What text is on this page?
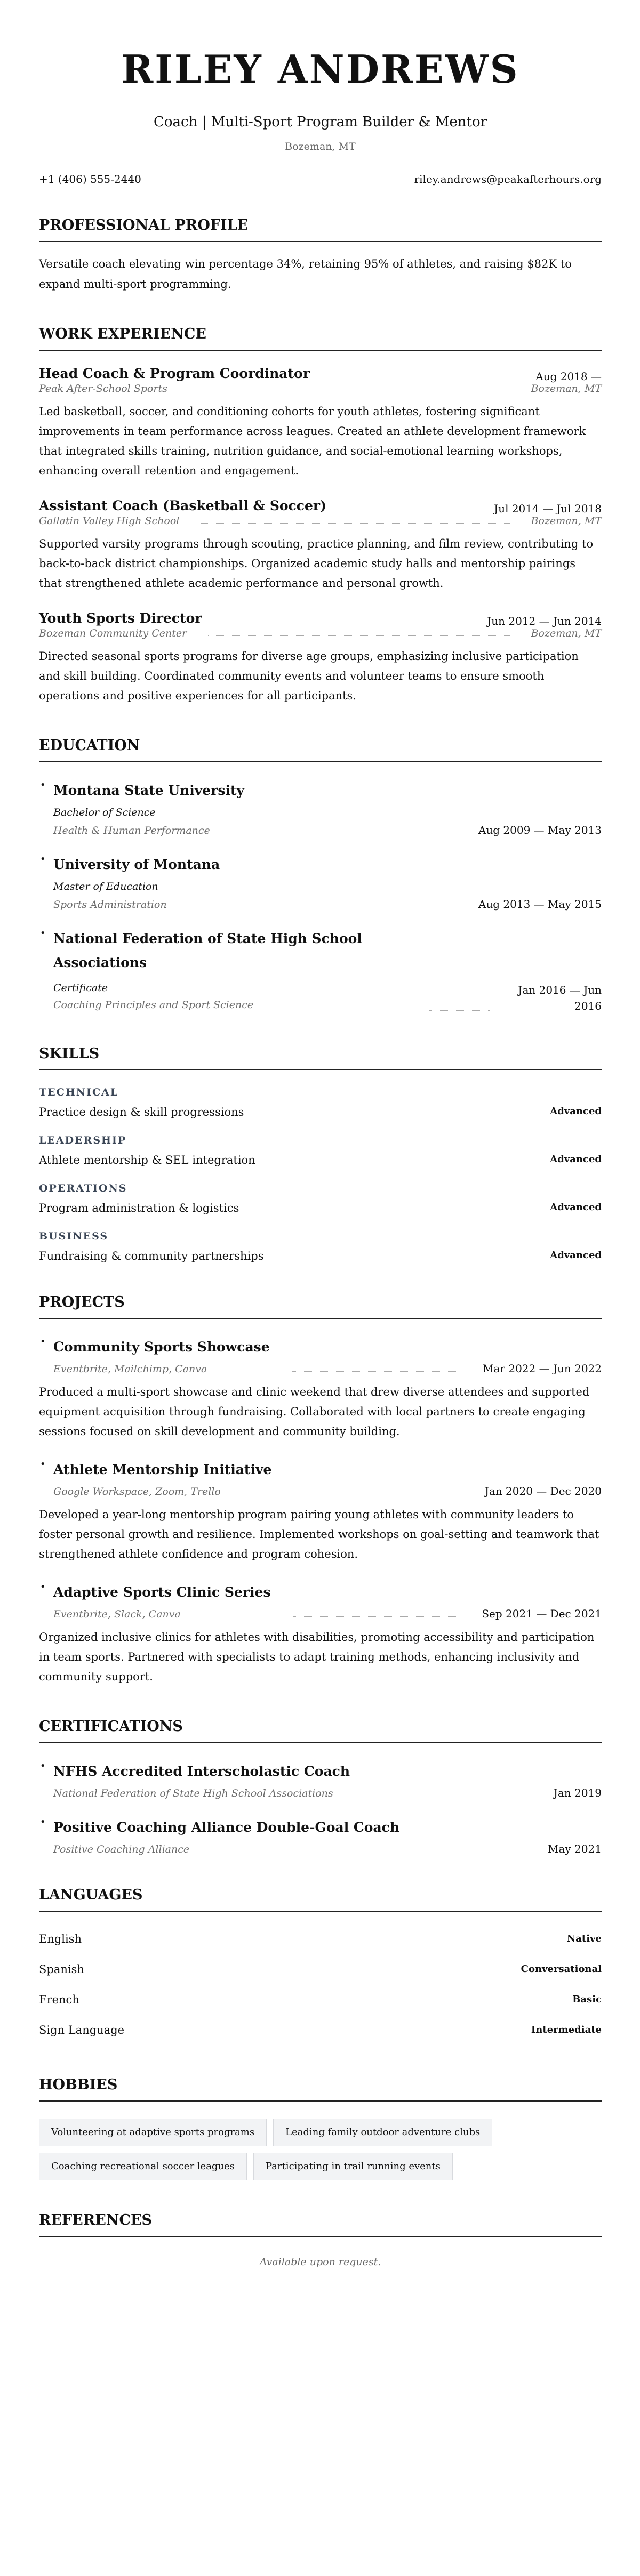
RILEY ANDREWS
Coach | Multi-Sport Program Builder & Mentor
Bozeman, MT
+1 (406) 555-2440	riley.andrews@peakafterhours.org
PROFESSIONAL PROFILE

Versatile coach elevating win percentage 34%, retaining 95% of athletes, and raising $82K to expand multi-sport programming.

WORK EXPERIENCE
Head Coach & Program Coordinator	Aug 2018 —
Peak After-School Sports	Bozeman, MT

Led basketball, soccer, and conditioning cohorts for youth athletes, fostering significant improvements in team performance across leagues. Created an athlete development framework that integrated skills training, nutrition guidance, and social-emotional learning workshops, enhancing overall retention and engagement.

Assistant Coach (Basketball & Soccer)	Jul 2014 — Jul 2018
Gallatin Valley High School	Bozeman, MT

Supported varsity programs through scouting, practice planning, and film review, contributing to back-to-back district championships. Organized academic study halls and mentorship pairings that strengthened athlete academic performance and personal growth.

Youth Sports Director	Jun 2012 — Jun 2014
Bozeman Community Center	Bozeman, MT

Directed seasonal sports programs for diverse age groups, emphasizing inclusive participation and skill building. Coordinated community events and volunteer teams to ensure smooth operations and positive experiences for all participants.

EDUCATION
• Montana State University
Bachelor of Science
Health & Human Performance	Aug 2009 — May 2013
• University of Montana
Master of Education
Sports Administration	Aug 2013 — May 2015
• National Federation of State High School Associations
Certificate
Coaching Principles and Sport Science
Jan 2016 — Jun 2016
SKILLS
TECHNICAL
Practice design & skill progressions	Advanced
LEADERSHIP
Athlete mentorship & SEL integration	Advanced
OPERATIONS
Program administration & logistics	Advanced
BUSINESS
Fundraising & community partnerships	Advanced
PROJECTS
• Community Sports Showcase
Eventbrite, Mailchimp, Canva	Mar 2022 — Jun 2022

Produced a multi-sport showcase and clinic weekend that drew diverse attendees and supported equipment acquisition through fundraising. Collaborated with local partners to create engaging sessions focused on skill development and community building.

• Athlete Mentorship Initiative
Google Workspace, Zoom, Trello	Jan 2020 — Dec 2020

Developed a year-long mentorship program pairing young athletes with community leaders to foster personal growth and resilience. Implemented workshops on goal-setting and teamwork that strengthened athlete confidence and program cohesion.

• Adaptive Sports Clinic Series
Eventbrite, Slack, Canva	Sep 2021 — Dec 2021

Organized inclusive clinics for athletes with disabilities, promoting accessibility and participation in team sports. Partnered with specialists to adapt training methods, enhancing inclusivity and community support.

CERTIFICATIONS
• NFHS Accredited Interscholastic Coach
National Federation of State High School Associations	Jan 2019
• Positive Coaching Alliance Double-Goal Coach
Positive Coaching Alliance	May 2021
LANGUAGES
English	Native
Spanish	Conversational
French	Basic
Sign Language	Intermediate
HOBBIES
Volunteering at adaptive sports programs	Leading family outdoor adventure clubs
Coaching recreational soccer leagues	Participating in trail running events
REFERENCES

Available upon request.
